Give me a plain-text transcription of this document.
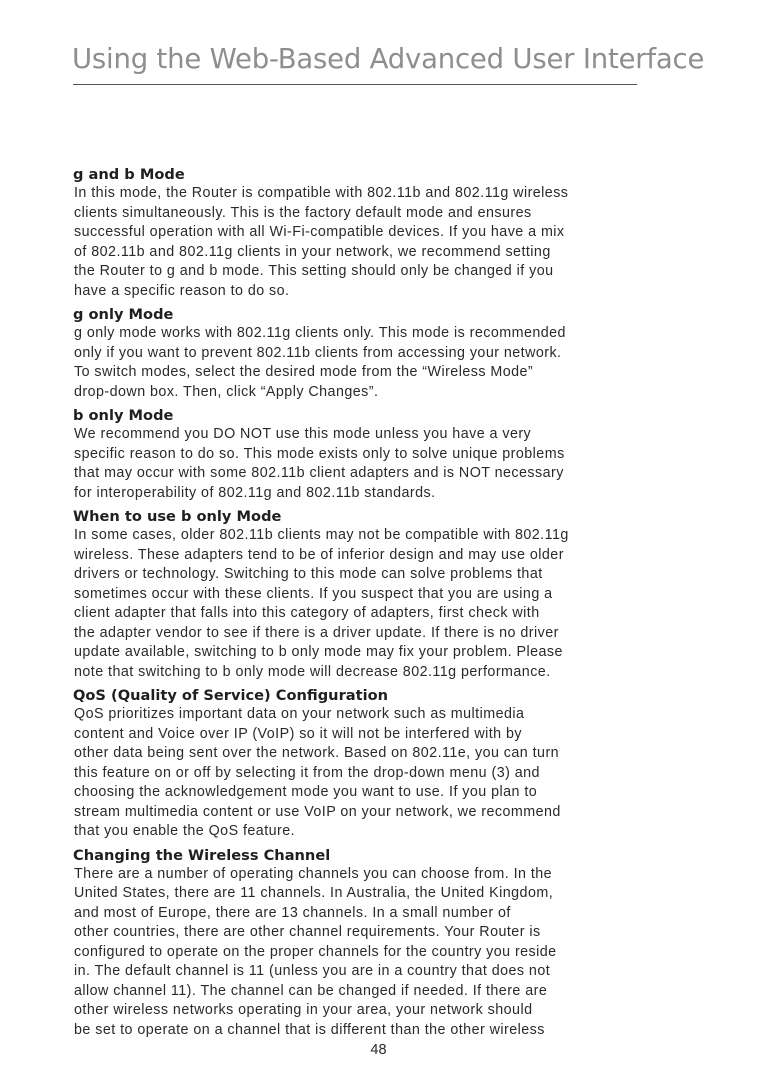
Using the Web-Based Advanced User Interface
g and b Mode

In this mode, the Router is compatible with 802.11b and 802.11g wireless
clients simultaneously. This is the factory default mode and ensures
successful operation with all Wi-Fi-compatible devices. If you have a mix
of 802.11b and 802.11g clients in your network, we recommend setting
the Router to g and b mode. This setting should only be changed if you
have a specific reason to do so.

g only Mode

g only mode works with 802.11g clients only. This mode is recommended
only if you want to prevent 802.11b clients from accessing your network.
To switch modes, select the desired mode from the “Wireless Mode”
drop-down box. Then, click “Apply Changes”.

b only Mode

We recommend you DO NOT use this mode unless you have a very
specific reason to do so. This mode exists only to solve unique problems
that may occur with some 802.11b client adapters and is NOT necessary
for interoperability of 802.11g and 802.11b standards.

When to use b only Mode

In some cases, older 802.11b clients may not be compatible with 802.11g
wireless. These adapters tend to be of inferior design and may use older
drivers or technology. Switching to this mode can solve problems that
sometimes occur with these clients. If you suspect that you are using a
client adapter that falls into this category of adapters, first check with
the adapter vendor to see if there is a driver update. If there is no driver
update available, switching to b only mode may fix your problem. Please
note that switching to b only mode will decrease 802.11g performance.

QoS (Quality of Service) Configuration

QoS prioritizes important data on your network such as multimedia
content and Voice over IP (VoIP) so it will not be interfered with by
other data being sent over the network. Based on 802.11e, you can turn
this feature on or off by selecting it from the drop-down menu (3) and
choosing the acknowledgement mode you want to use. If you plan to
stream multimedia content or use VoIP on your network, we recommend
that you enable the QoS feature.

Changing the Wireless Channel

There are a number of operating channels you can choose from. In the
United States, there are 11 channels. In Australia, the United Kingdom,
and most of Europe, there are 13 channels. In a small number of
other countries, there are other channel requirements. Your Router is
configured to operate on the proper channels for the country you reside
in. The default channel is 11 (unless you are in a country that does not
allow channel 11). The channel can be changed if needed. If there are
other wireless networks operating in your area, your network should
be set to operate on a channel that is different than the other wireless

48
